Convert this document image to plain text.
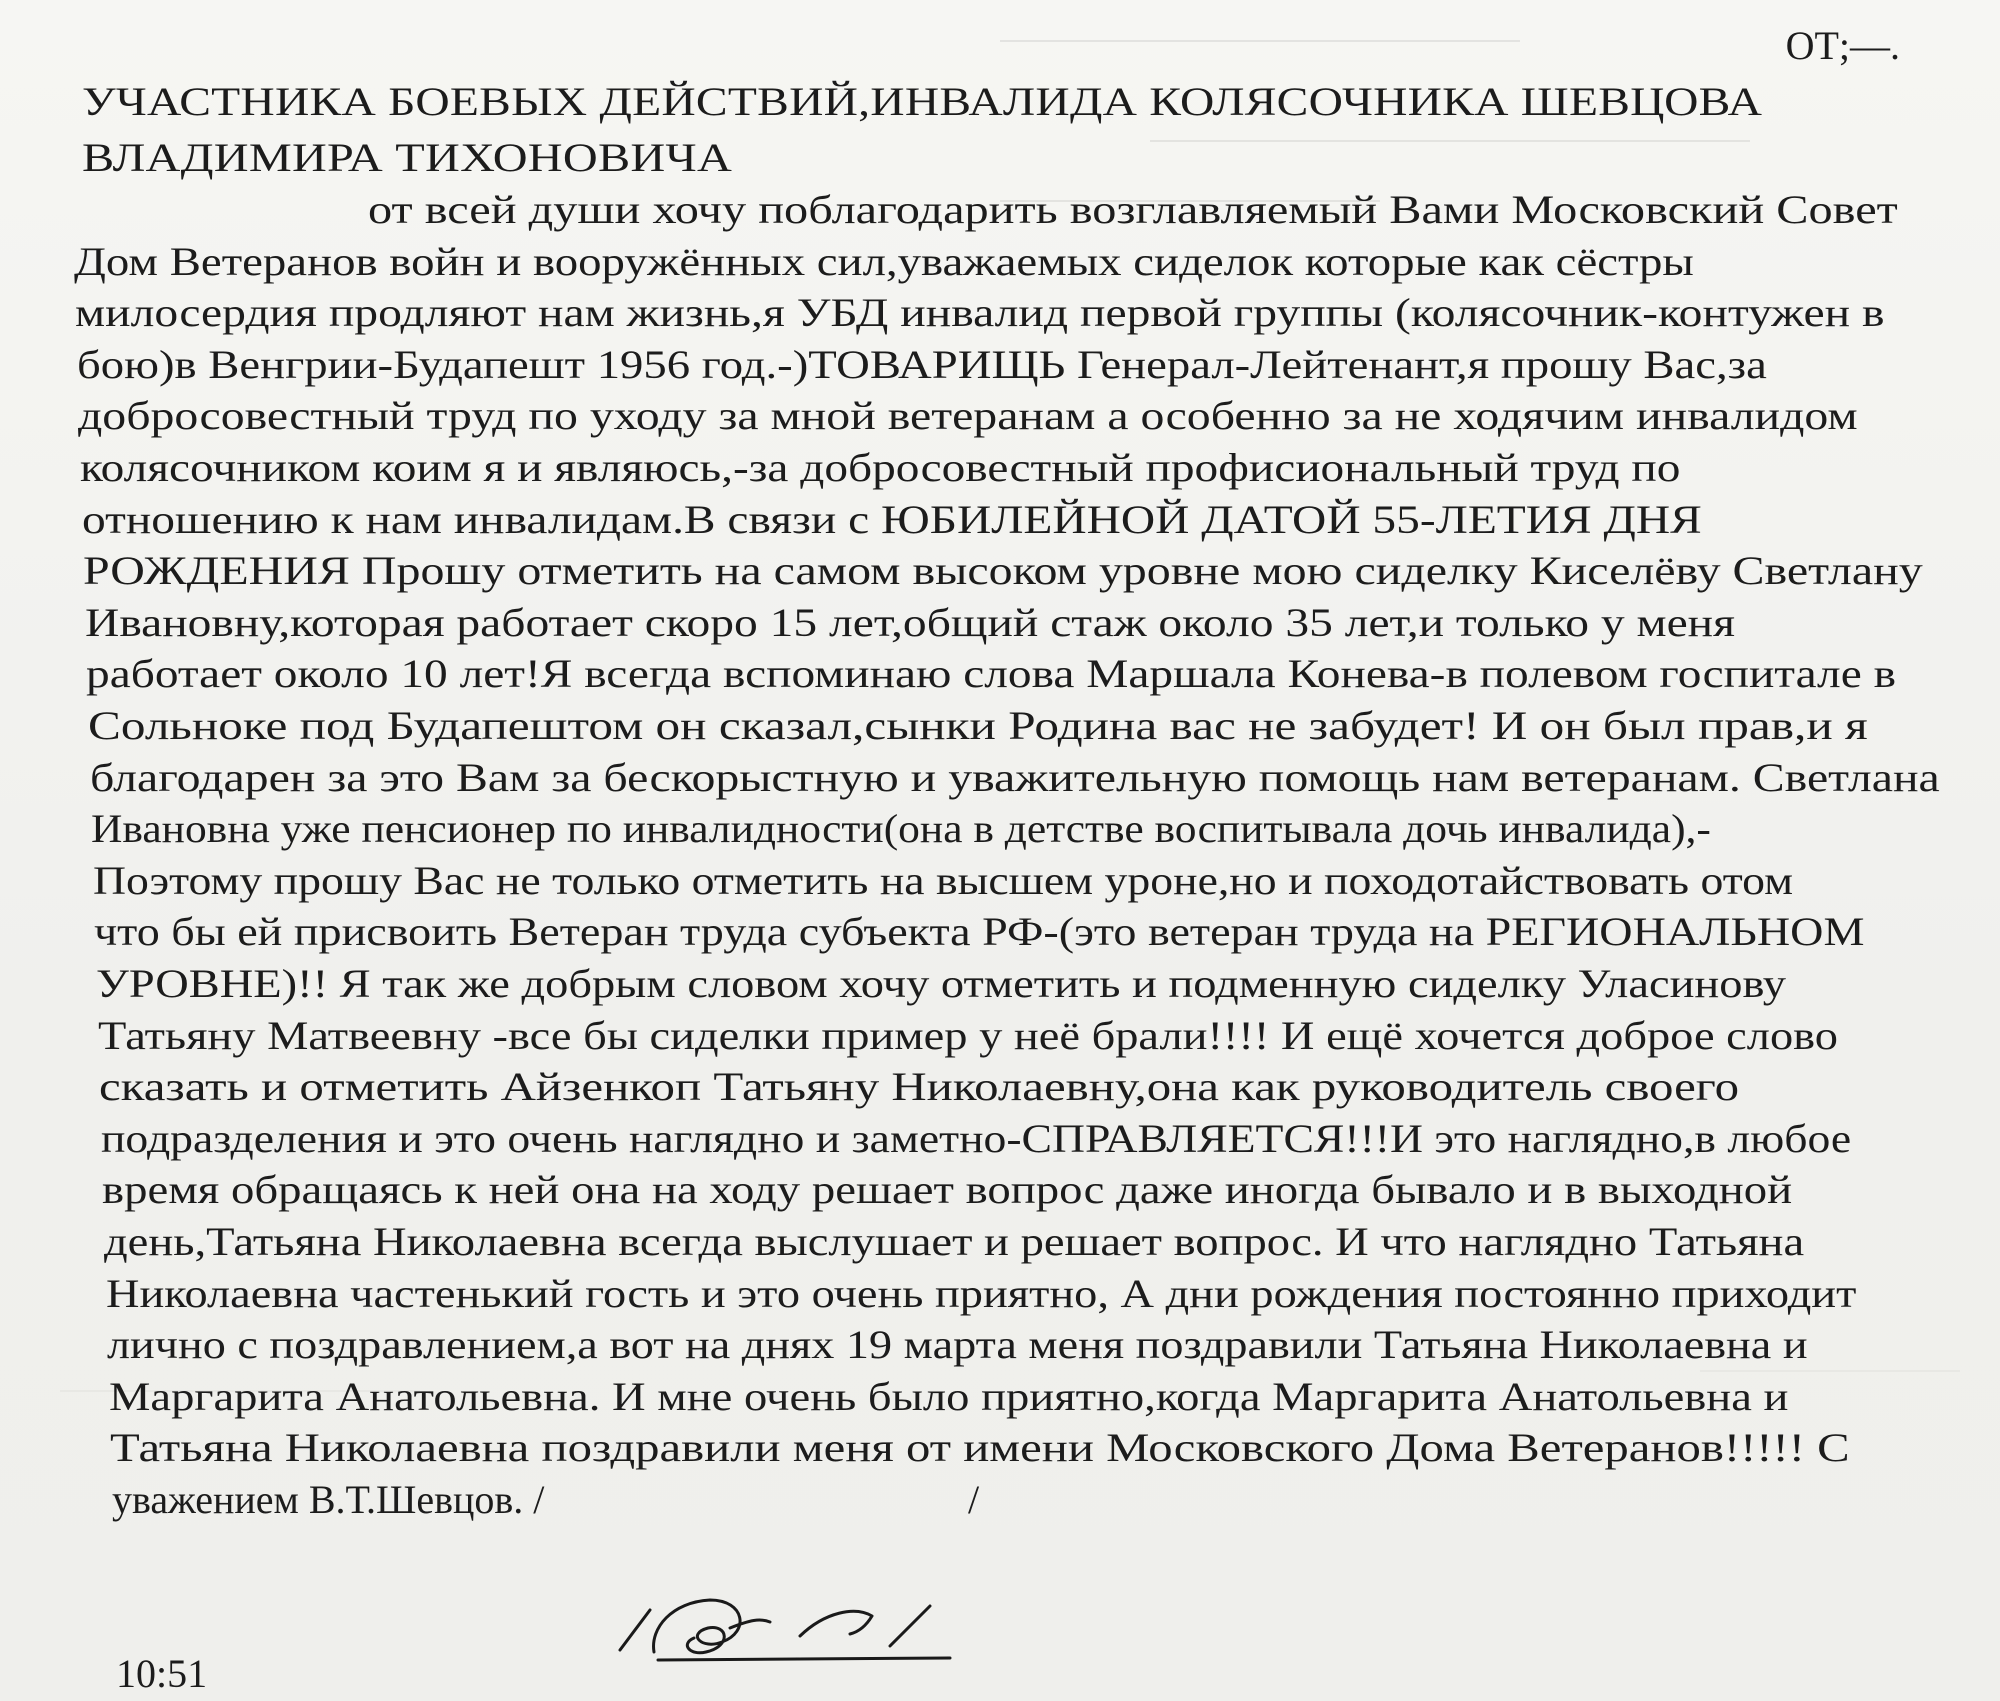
ОТ;—.
УЧАСТНИКА БОЕВЫХ ДЕЙСТВИЙ,ИНВАЛИДА КОЛЯСОЧНИКА ШЕВЦОВА
ВЛАДИМИРА ТИХОНОВИЧА
от всей души хочу поблагодарить возглавляемый Вами Московский Совет
Дом Ветеранов войн и вооружённых сил,уважаемых сиделок которые как сёстры
милосердия продляют нам жизнь,я УБД инвалид первой группы (колясочник-контужен в
бою)в Венгрии-Будапешт 1956 год.-)ТОВАРИЩЬ Генерал-Лейтенант,я прошу Вас,за
добросовестный труд по уходу за мной ветеранам а особенно за не ходячим инвалидом
колясочником коим я и являюсь,-за добросовестный профисиональный труд по
отношению к нам инвалидам.В связи с ЮБИЛЕЙНОЙ ДАТОЙ 55-ЛЕТИЯ ДНЯ
РОЖДЕНИЯ Прошу отметить на самом высоком уровне мою сиделку Киселёву Светлану
Ивановну,которая работает скоро 15 лет,общий стаж около 35 лет,и только у меня
работает около 10 лет!Я всегда вспоминаю слова Маршала Конева-в полевом госпитале в
Сольноке под Будапештом он сказал,сынки Родина вас не забудет! И он был прав,и я
благодарен за это Вам за бескорыстную и уважительную помощь нам ветеранам. Светлана
Ивановна уже пенсионер по инвалидности(она в детстве воспитывала дочь инвалида),-
Поэтому прошу Вас не только отметить на высшем уроне,но и походотайствовать отом
что бы ей присвоить Ветеран труда субъекта РФ-(это ветеран труда на РЕГИОНАЛЬНОМ
УРОВНЕ)!! Я так же добрым словом хочу отметить и подменную сиделку Уласинову
Татьяну Матвеевну -все бы сиделки пример у неё брали!!!! И ещё хочется доброе слово
сказать и отметить Айзенкоп Татьяну Николаевну,она как руководитель своего
подразделения и это очень наглядно и заметно-СПРАВЛЯЕТСЯ!!!И это наглядно,в любое
время обращаясь к ней она на ходу решает вопрос даже иногда бывало и в выходной
день,Татьяна Николаевна всегда выслушает и решает вопрос. И что наглядно Татьяна
Николаевна частенький гость и это очень приятно, А дни рождения постоянно приходит
лично с поздравлением,а вот на днях 19 марта меня поздравили Татьяна Николаевна и
Маргарита Анатольевна. И мне очень было приятно,когда Маргарита Анатольевна и
Татьяна Николаевна поздравили меня от имени Московского Дома Ветеранов!!!!! С
уважением В.Т.Шевцов. /
10:51
/
